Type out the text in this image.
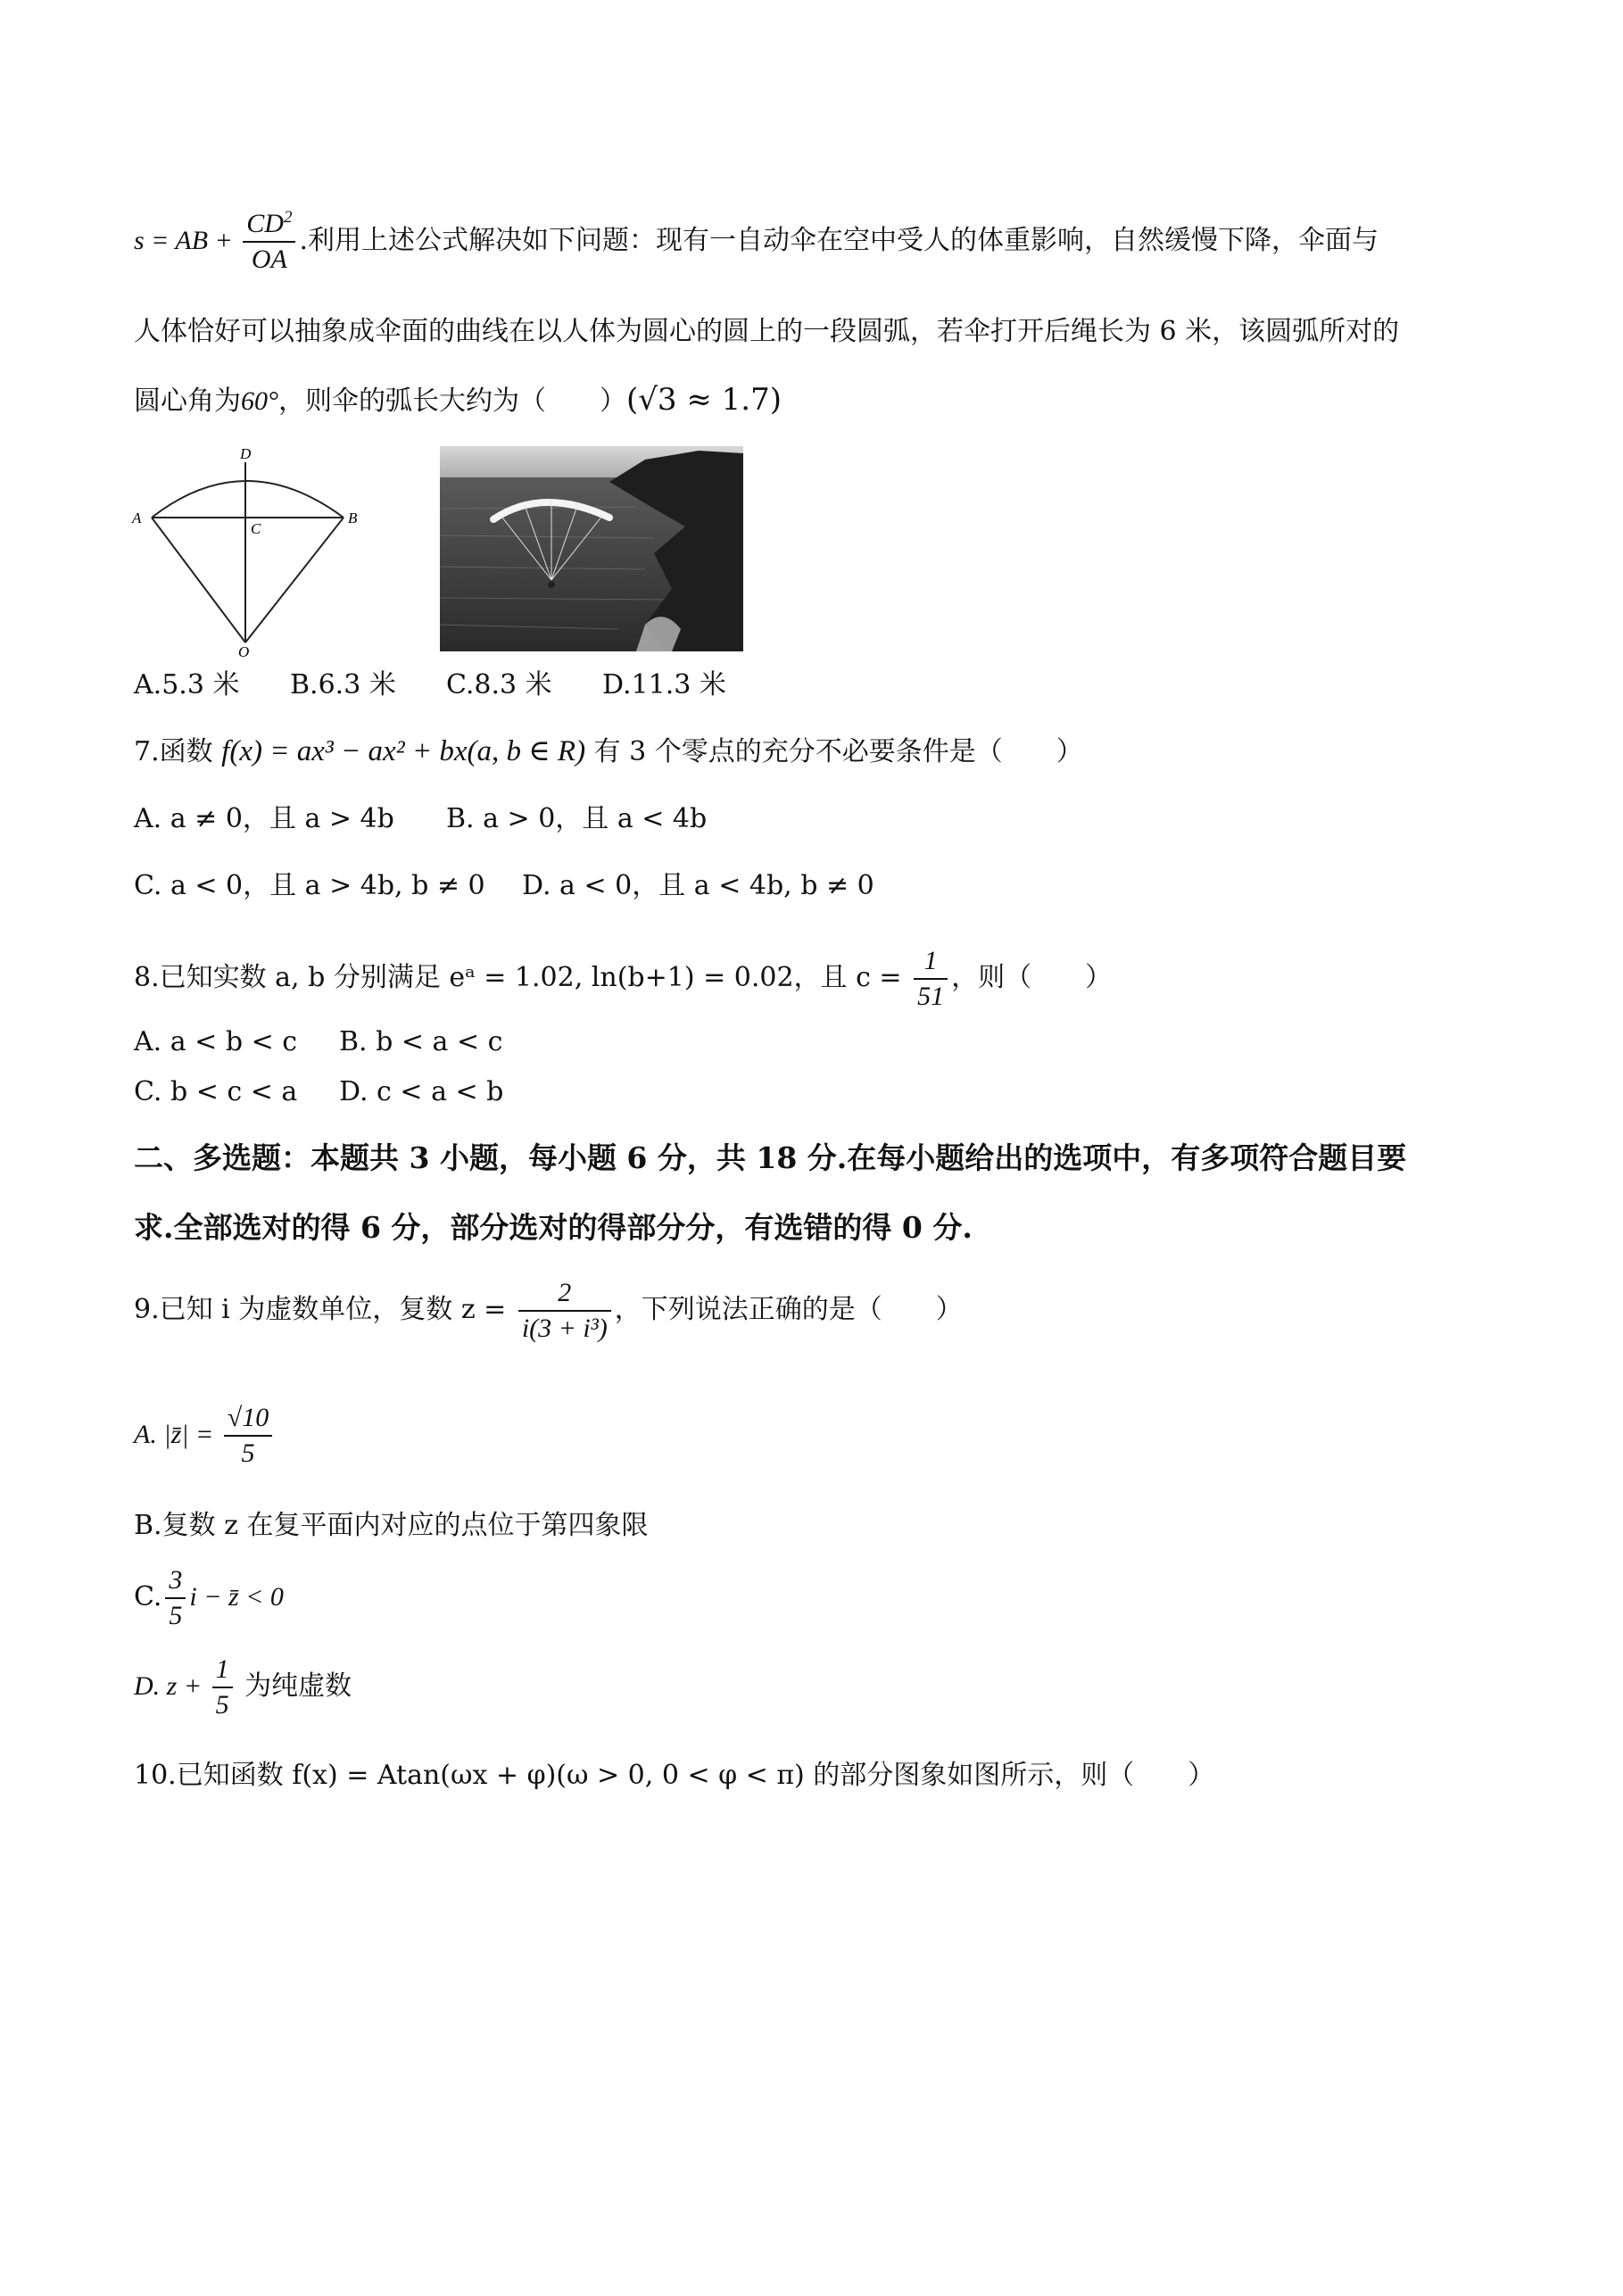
s = AB + $\frac{CD^2}{OA}$ .利用上述公式解决如下问题：现有一自动伞在空中受人的体重影响，自然缓慢下降，伞面与
人体恰好可以抽象成伞面的曲线在以人体为圆心的圆上的一段圆弧，若伞打开后绳长为 6 米，该圆弧所对的
圆心角为60°，则伞的弧长大约为（　　）(√3 ≈ 1.7)
D
A	B
C
O
A.5.3 米 B.6.3 米 C.8.3 米 D.11.3 米
7.函数 f(x) = ax³ − ax² + bx(a, b ∈ R) 有 3 个零点的充分不必要条件是（　　）
A. a ≠ 0，且 a > 4b B. a > 0，且 a < 4b
C. a < 0，且 a > 4b, b ≠ 0 D. a < 0，且 a < 4b, b ≠ 0
8.已知实数 a, b 分别满足 eᵃ = 1.02, ln(b+1) = 0.02，且 $c = \frac{1}{51}$ ，则（　　）
A. a < b < c B. b < a < c
C. b < c < a D. c < a < b
二、多选题：本题共 3 小题，每小题 6 分，共 18 分.在每小题给出的选项中，有多项符合题目要
求.全部选对的得 6 分，部分选对的得部分分，有选错的得 0 分.
9.已知 i 为虚数单位，复数 $z = \frac{2}{\text{i(3 + i³)}}$ ，下列说法正确的是（　　）
A. |z̄| = $\frac{√10}{5}$
B.复数 z 在复平面内对应的点位于第四象限
C. $\frac{3}{5}$ i − z̄ < 0
D. $z + \frac{1}{5}$ 为纯虚数
10.已知函数 f(x) = Atan(ωx + φ)(ω > 0, 0 < φ < π) 的部分图象如图所示，则（　　）
